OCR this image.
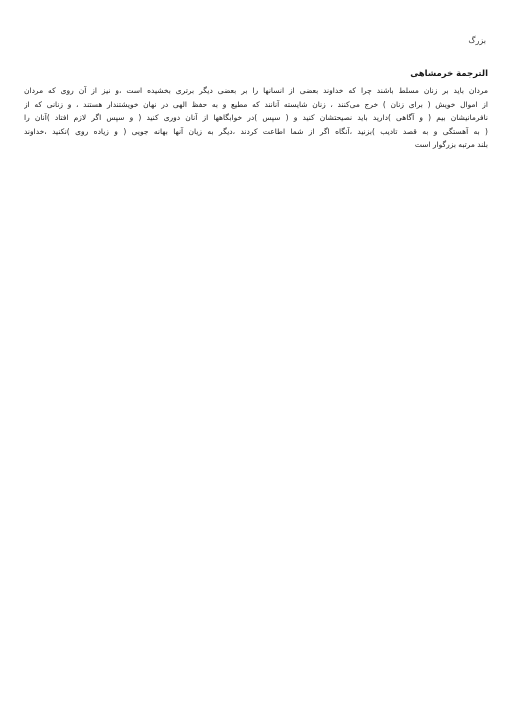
بزرگ
الترجمة خرمشاهی
مردان باید بر زنان مسلط باشند چرا که خداوند بعضی از انسانها را بر بعضی دیگر برتری بخشیده است ،و نیز از آن روی که مردان
از اموال خویش ( برای زنان ) خرج می‌کنند ، زنان شایسته آنانند که مطیع و به حفظ الهی در نهان خویشتندار هستند ، و زنانی که از
نافرمانیشان بیم ( و آگاهی )دارید باید نصیحتشان کنید و ( سپس )در خوابگاهها از آنان دوری کنید ( و سپس اگر لازم افتاد )آنان را
( به آهستگی و به قصد تادیب )بزنید ،آنگاه اگر از شما اطاعت کردند ،دیگر به زیان آنها بهانه جویی ( و زیاده روی )نکنید ،خداوند
بلند مرتبه بزرگوار است
